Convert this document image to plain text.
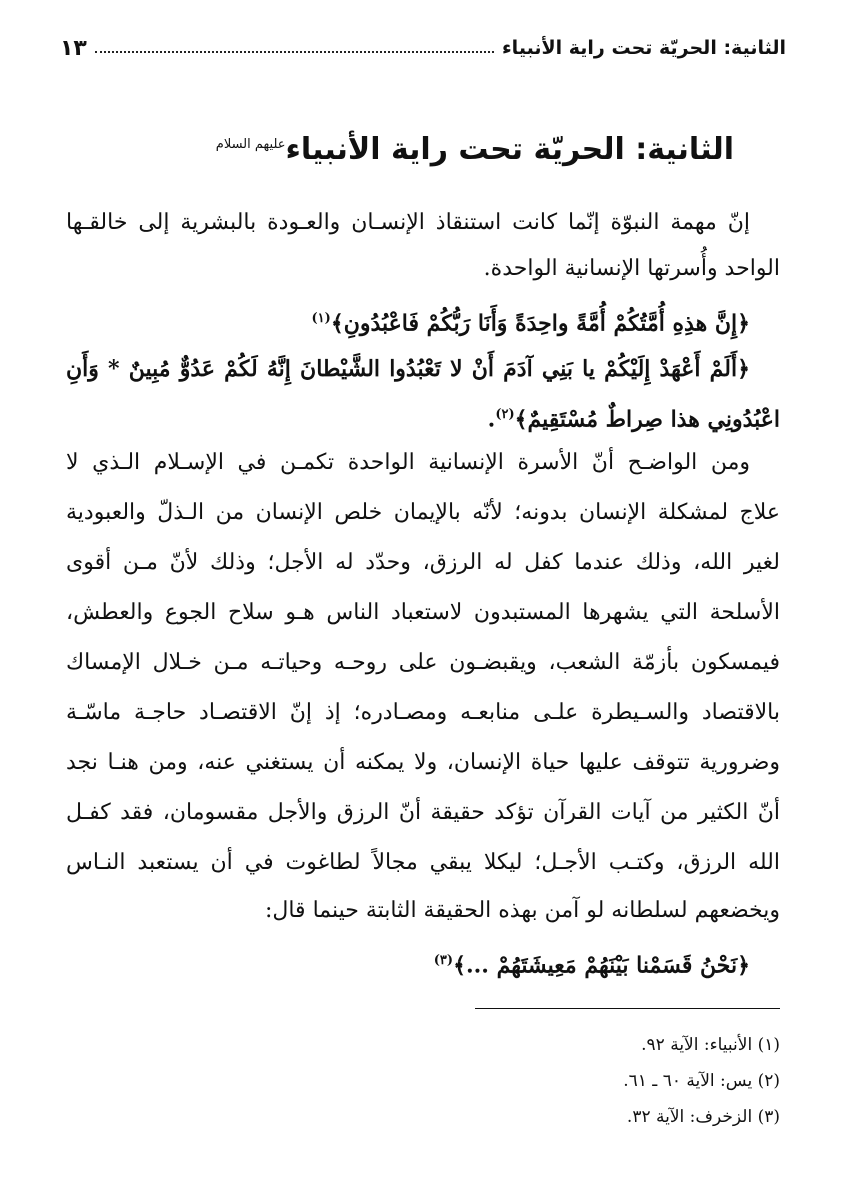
الثانية: الحريّة تحت راية الأنبياء
١٣
الثانية: الحريّة تحت راية الأنبياء$^{عليهم السلام}$
إنّ مهمة النبوّة إنّما كانت استنقاذ الإنسـان والعـودة بالبشرية إلى خالقـها
الواحد وأُسرتها الإنسانية الواحدة.
﴿إِنَّ هذِهِ أُمَّتُكُمْ أُمَّةً واحِدَةً وَأَنَا رَبُّكُمْ فَاعْبُدُونِ﴾$^{(١)}$
﴿أَلَمْ أَعْهَدْ إِلَيْكُمْ يا بَنِي آدَمَ أَنْ لا تَعْبُدُوا الشَّيْطانَ إِنَّهُ لَكُمْ عَدُوٌّ مُبِينٌ * وَأَنِ
اعْبُدُونِي هذا صِراطٌ مُسْتَقِيمٌ﴾$^{(٢)}$.
ومن الواضـح أنّ الأسرة الإنسانية الواحدة تكمـن في الإسـلام الـذي لا
علاج لمشكلة الإنسان بدونه؛ لأنّه بالإيمان خلص الإنسان من الـذلّ والعبودية
لغير الله، وذلك عندما كفل له الرزق، وحدّد له الأجل؛ وذلك لأنّ مـن أقوى
الأسلحة التي يشهرها المستبدون لاستعباد الناس هـو سلاح الجوع والعطش،
فيمسكون بأزمّة الشعب، ويقبضـون على روحـه وحياتـه مـن خـلال الإمساك
بالاقتصاد والسـيطرة علـى منابعـه ومصـادره؛ إذ إنّ الاقتصـاد حاجـة ماسّـة
وضرورية تتوقف عليها حياة الإنسان، ولا يمكنه أن يستغني عنه، ومن هنـا نجد
أنّ الكثير من آيات القرآن تؤكد حقيقة أنّ الرزق والأجل مقسومان، فقد كفـل
الله الرزق، وكتـب الأجـل؛ ليكلا يبقي مجالاً لطاغوت في أن يستعبد النـاس
ويخضعهم لسلطانه لو آمن بهذه الحقيقة الثابتة حينما قال:
﴿نَحْنُ قَسَمْنا بَيْنَهُمْ مَعِيشَتَهُمْ ...﴾$^{(٣)}$
(١) الأنبياء: الآية ٩٢.
(٢) يس: الآية ٦٠ ـ ٦١.
(٣) الزخرف: الآية ٣٢.
